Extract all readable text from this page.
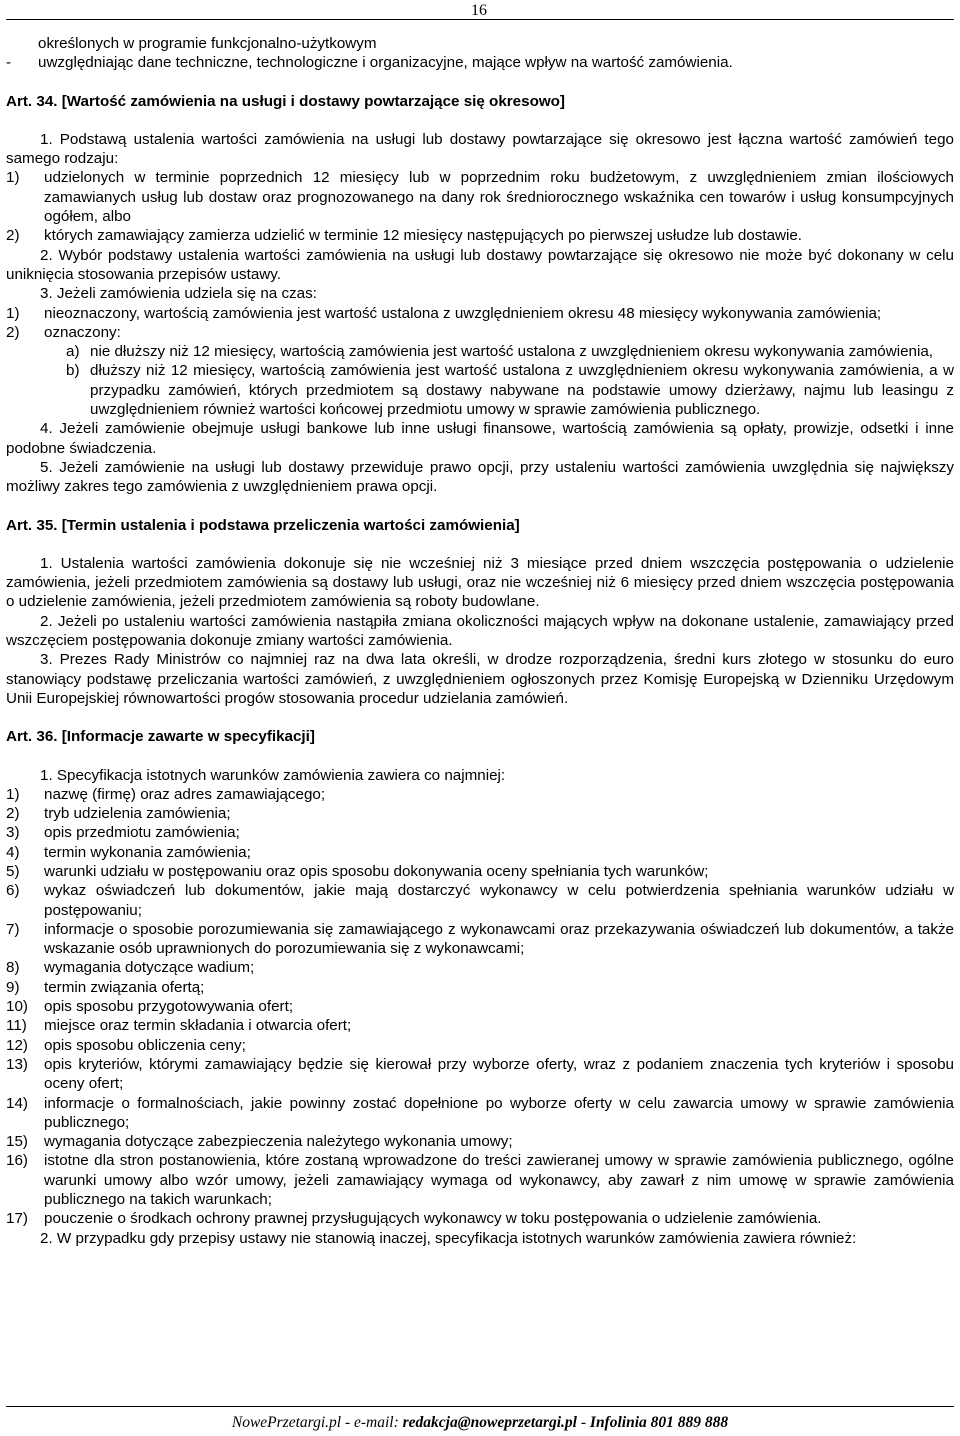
16

określonych w programie funkcjonalno-użytkowym

-	uwzględniając dane techniczne, technologiczne i organizacyjne, mające wpływ na wartość zamówienia.

Art. 34. [Wartość zamówienia na usługi i dostawy powtarzające się okresowo]

1. Podstawą ustalenia wartości zamówienia na usługi lub dostawy powtarzające się okresowo jest łączna wartość zamówień tego samego rodzaju:

1)	udzielonych w terminie poprzednich 12 miesięcy lub w poprzednim roku budżetowym, z uwzględnieniem zmian ilościowych zamawianych usług lub dostaw oraz prognozowanego na dany rok średniorocznego wskaźnika cen towarów i usług konsumpcyjnych ogółem, albo
2)	których zamawiający zamierza udzielić w terminie 12 miesięcy następujących po pierwszej usłudze lub dostawie.

2. Wybór podstawy ustalenia wartości zamówienia na usługi lub dostawy powtarzające się okresowo nie może być dokonany w celu uniknięcia stosowania przepisów ustawy.

3. Jeżeli zamówienia udziela się na czas:

1)	nieoznaczony, wartością zamówienia jest wartość ustalona z uwzględnieniem okresu 48 miesięcy wykonywania zamówienia;
2)	oznaczony:
a) nie dłuższy niż 12 miesięcy, wartością zamówienia jest wartość ustalona z uwzględnieniem okresu wykonywania zamówienia,
b) dłuższy niż 12 miesięcy, wartością zamówienia jest wartość ustalona z uwzględnieniem okresu wykonywania zamówienia, a w przypadku zamówień, których przedmiotem są dostawy nabywane na podstawie umowy dzierżawy, najmu lub leasingu z uwzględnieniem również wartości końcowej przedmiotu umowy w sprawie zamówienia publicznego.

4. Jeżeli zamówienie obejmuje usługi bankowe lub inne usługi finansowe, wartością zamówienia są opłaty, prowizje, odsetki i inne podobne świadczenia.

5. Jeżeli zamówienie na usługi lub dostawy przewiduje prawo opcji, przy ustaleniu wartości zamówienia uwzględnia się największy możliwy zakres tego zamówienia z uwzględnieniem prawa opcji.

Art. 35. [Termin ustalenia i podstawa przeliczenia wartości zamówienia]

1. Ustalenia wartości zamówienia dokonuje się nie wcześniej niż 3 miesiące przed dniem wszczęcia postępowania o udzielenie zamówienia, jeżeli przedmiotem zamówienia są dostawy lub usługi, oraz nie wcześniej niż 6 miesięcy przed dniem wszczęcia postępowania o udzielenie zamówienia, jeżeli przedmiotem zamówienia są roboty budowlane.

2. Jeżeli po ustaleniu wartości zamówienia nastąpiła zmiana okoliczności mających wpływ na dokonane ustalenie, zamawiający przed wszczęciem postępowania dokonuje zmiany wartości zamówienia.

3. Prezes Rady Ministrów co najmniej raz na dwa lata określi, w drodze rozporządzenia, średni kurs złotego w stosunku do euro stanowiący podstawę przeliczania wartości zamówień, z uwzględnieniem ogłoszonych przez Komisję Europejską w Dzienniku Urzędowym Unii Europejskiej równowartości progów stosowania procedur udzielania zamówień.

Art. 36. [Informacje zawarte w specyfikacji]

1. Specyfikacja istotnych warunków zamówienia zawiera co najmniej:

1)	nazwę (firmę) oraz adres zamawiającego;
2)	tryb udzielenia zamówienia;
3)	opis przedmiotu zamówienia;
4)	termin wykonania zamówienia;
5)	warunki udziału w postępowaniu oraz opis sposobu dokonywania oceny spełniania tych warunków;
6)	wykaz oświadczeń lub dokumentów, jakie mają dostarczyć wykonawcy w celu potwierdzenia spełniania warunków udziału w postępowaniu;
7)	informacje o sposobie porozumiewania się zamawiającego z wykonawcami oraz przekazywania oświadczeń lub dokumentów, a także wskazanie osób uprawnionych do porozumiewania się z wykonawcami;
8)	wymagania dotyczące wadium;
9)	termin związania ofertą;
10)	opis sposobu przygotowywania ofert;
11)	miejsce oraz termin składania i otwarcia ofert;
12)	opis sposobu obliczenia ceny;
13)	opis kryteriów, którymi zamawiający będzie się kierował przy wyborze oferty, wraz z podaniem znaczenia tych kryteriów i sposobu oceny ofert;
14)	informacje o formalnościach, jakie powinny zostać dopełnione po wyborze oferty w celu zawarcia umowy w sprawie zamówienia publicznego;
15)	wymagania dotyczące zabezpieczenia należytego wykonania umowy;
16)	istotne dla stron postanowienia, które zostaną wprowadzone do treści zawieranej umowy w sprawie zamówienia publicznego, ogólne warunki umowy albo wzór umowy, jeżeli zamawiający wymaga od wykonawcy, aby zawarł z nim umowę w sprawie zamówienia publicznego na takich warunkach;
17)	pouczenie o środkach ochrony prawnej przysługujących wykonawcy w toku postępowania o udzielenie zamówienia.

2. W przypadku gdy przepisy ustawy nie stanowią inaczej, specyfikacja istotnych warunków zamówienia zawiera również:

NowePrzetargi.pl - e-mail: redakcja@noweprzetargi.pl - Infolinia 801 889 888
